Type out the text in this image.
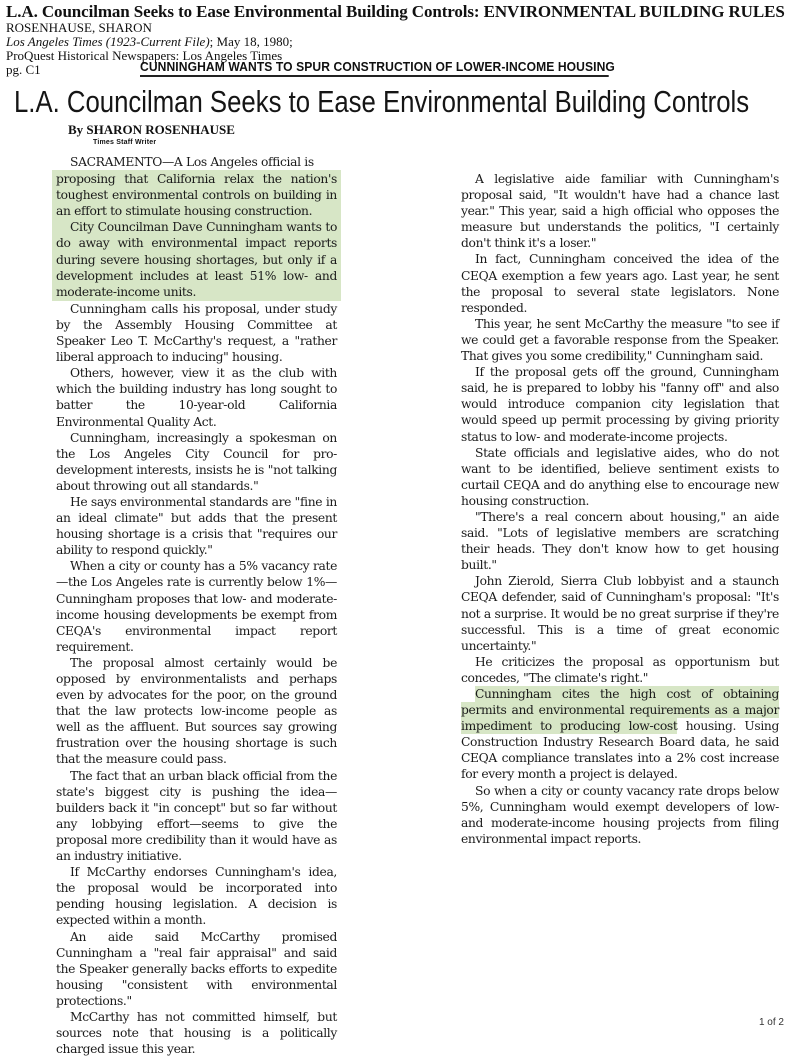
L.A. Councilman Seeks to Ease Environmental Building Controls: ENVIRONMENTAL BUILDING RULES
ROSENHAUSE, SHARON
Los Angeles Times (1923-Current File); May 18, 1980;
ProQuest Historical Newspapers: Los Angeles Times
pg. C1	CUNNINGHAM WANTS TO SPUR CONSTRUCTION OF LOWER-INCOME HOUSING
L.A. Councilman Seeks to Ease Environmental Building Controls
By SHARON ROSENHAUSE
Times Staff Writer

SACRAMENTO—A Los Angeles official is

proposing that California relax the nation's toughest environmental controls on building in an effort to stimulate housing construction.

City Councilman Dave Cunningham wants to do away with environmental impact reports during severe housing shortages, but only if a development includes at least 51% low- and moderate-income units.

Cunningham calls his proposal, under study by the Assembly Housing Committee at Speaker Leo T. McCarthy's request, a "rather liberal approach to inducing" housing.

Others, however, view it as the club with which the building industry has long sought to batter the 10-year-old California Environmental Quality Act.

Cunningham, increasingly a spokesman on the Los Angeles City Council for pro-development interests, insists he is "not talking about throwing out all standards."

He says environmental standards are "fine in an ideal climate" but adds that the present housing shortage is a crisis that "requires our ability to respond quickly."

When a city or county has a 5% vacancy rate—the Los Angeles rate is currently below 1%—Cunningham proposes that low- and moderate-income housing developments be exempt from CEQA's environmental impact report requirement.

The proposal almost certainly would be opposed by environmentalists and perhaps even by advocates for the poor, on the ground that the law protects low-income people as well as the affluent. But sources say growing frustration over the housing shortage is such that the measure could pass.

The fact that an urban black official from the state's biggest city is pushing the idea—builders back it "in concept" but so far without any lobbying effort—seems to give the proposal more credibility than it would have as an industry initiative.

If McCarthy endorses Cunningham's idea, the proposal would be incorporated into pending housing legislation. A decision is expected within a month.

An aide said McCarthy promised Cunningham a "real fair appraisal" and said the Speaker generally backs efforts to expedite housing "consistent with environmental protections."

McCarthy has not committed himself, but sources note that housing is a politically charged issue this year.

A legislative aide familiar with Cunningham's proposal said, "It wouldn't have had a chance last year." This year, said a high official who opposes the measure but understands the politics, "I certainly don't think it's a loser."

In fact, Cunningham conceived the idea of the CEQA exemption a few years ago. Last year, he sent the proposal to several state legislators. None responded.

This year, he sent McCarthy the measure "to see if we could get a favorable response from the Speaker. That gives you some credibility," Cunningham said.

If the proposal gets off the ground, Cunningham said, he is prepared to lobby his "fanny off" and also would introduce companion city legislation that would speed up permit processing by giving priority status to low- and moderate-income projects.

State officials and legislative aides, who do not want to be identified, believe sentiment exists to curtail CEQA and do anything else to encourage new housing construction.

"There's a real concern about housing," an aide said. "Lots of legislative members are scratching their heads. They don't know how to get housing built."

John Zierold, Sierra Club lobbyist and a staunch CEQA defender, said of Cunningham's proposal: "It's not a surprise. It would be no great surprise if they're successful. This is a time of great economic uncertainty."

He criticizes the proposal as opportunism but concedes, "The climate's right."

Cunningham cites the high cost of obtaining permits and environmental requirements as a major impediment to producing low-cost housing. Using Construction Industry Research Board data, he said CEQA compliance translates into a 2% cost increase for every month a project is delayed.

So when a city or county vacancy rate drops below 5%, Cunningham would exempt developers of low- and moderate-income housing projects from filing environmental impact reports.

1 of 2
